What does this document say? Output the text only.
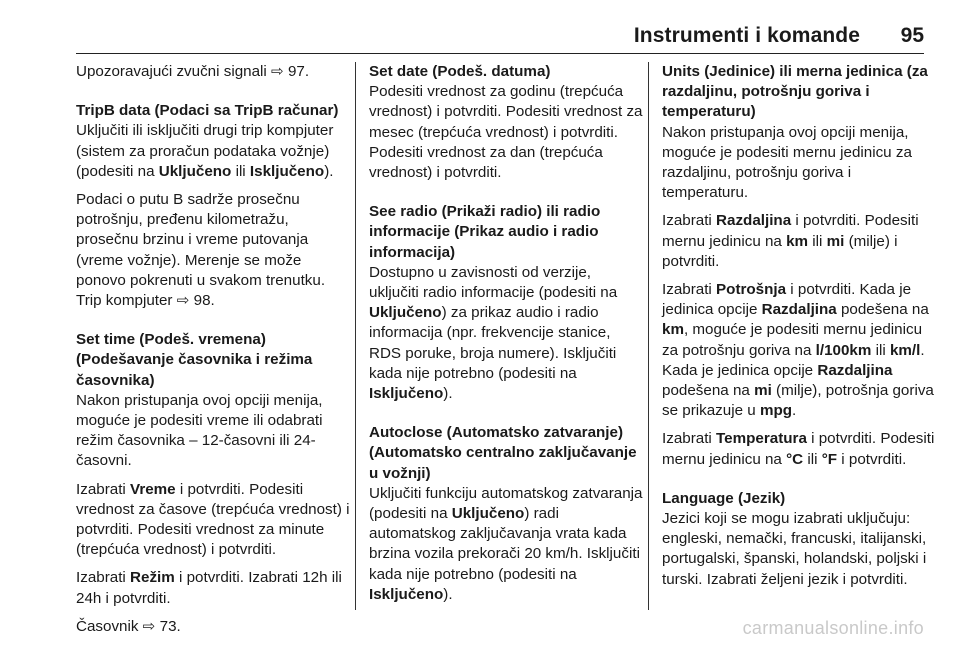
Instrumenti i komande 95

Upozoravajući zvučni signali ⇨ 97.

TripB data (Podaci sa TripB računar)

Uključiti ili isključiti drugi trip kompjuter (sistem za proračun podataka vožnje) (podesiti na Uključeno ili Isključeno).

Podaci o putu B sadrže prosečnu potrošnju, pređenu kilometražu, prosečnu brzinu i vreme putovanja (vreme vožnje). Merenje se može ponovo pokrenuti u svakom trenutku. Trip kompjuter ⇨ 98.

Set time (Podeš. vremena) (Podešavanje časovnika i režima časovnika)

Nakon pristupanja ovoj opciji menija, moguće je podesiti vreme ili odabrati režim časovnika – 12-časovni ili 24-časovni.

Izabrati Vreme i potvrditi. Podesiti vrednost za časove (trepćuća vrednost) i potvrditi. Podesiti vrednost za minute (trepćuća vrednost) i potvrditi.

Izabrati Režim i potvrditi. Izabrati 12h ili 24h i potvrditi.

Časovnik ⇨ 73.

Set date (Podeš. datuma)

Podesiti vrednost za godinu (trepćuća vrednost) i potvrditi. Podesiti vrednost za mesec (trepćuća vrednost) i potvrditi. Podesiti vrednost za dan (trepćuća vrednost) i potvrditi.

See radio (Prikaži radio) ili radio informacije (Prikaz audio i radio informacija)

Dostupno u zavisnosti od verzije, uključiti radio informacije (podesiti na Uključeno) za prikaz audio i radio informacija (npr. frekvencije stanice, RDS poruke, broja numere). Isključiti kada nije potrebno (podesiti na Isključeno).

Autoclose (Automatsko zatvaranje) (Automatsko centralno zaključavanje u vožnji)

Uključiti funkciju automatskog zatvaranja (podesiti na Uključeno) radi automatskog zaključavanja vrata kada brzina vozila prekorači 20 km/h. Isključiti kada nije potrebno (podesiti na Isključeno).

Units (Jedinice) ili merna jedinica (za razdaljinu, potrošnju goriva i temperaturu)

Nakon pristupanja ovoj opciji menija, moguće je podesiti mernu jedinicu za razdaljinu, potrošnju goriva i temperaturu.

Izabrati Razdaljina i potvrditi. Podesiti mernu jedinicu na km ili mi (milje) i potvrditi.

Izabrati Potrošnja i potvrditi. Kada je jedinica opcije Razdaljina podešena na km, moguće je podesiti mernu jedinicu za potrošnju goriva na l/100km ili km/l. Kada je jedinica opcije Razdaljina podešena na mi (milje), potrošnja goriva se prikazuje u mpg.

Izabrati Temperatura i potvrditi. Podesiti mernu jedinicu na °C ili °F i potvrditi.

Language (Jezik)

Jezici koji se mogu izabrati uključuju: engleski, nemački, francuski, italijanski, portugalski, španski, holandski, poljski i turski. Izabrati željeni jezik i potvrditi.

carmanualsonline.info
